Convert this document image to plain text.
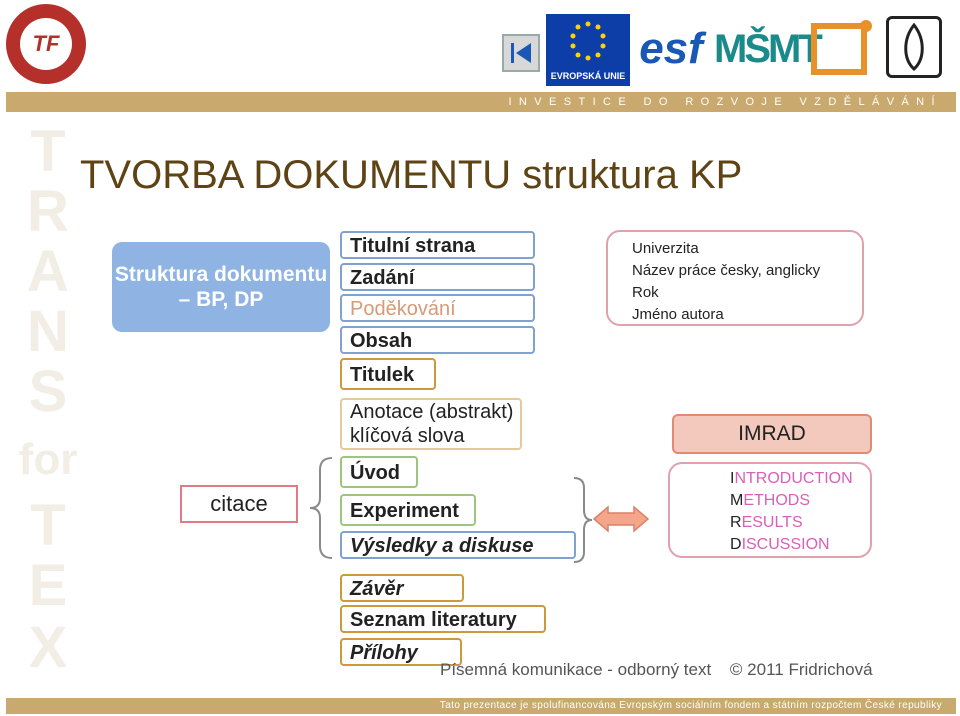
TF
EVROPSKÁ UNIE
esf MŠMT
INVESTICE DO ROZVOJE VZDĚLÁVÁNÍ
T
R
A
N
S
for
T
E
X
TVORBA DOKUMENTU struktura KP
Struktura dokumentu – BP, DP
citace
Titulní strana
Zadání
Poděkování
Obsah
Titulek
Anotace (abstrakt) klíčová slova
Úvod
Experiment
Výsledky a diskuse
Závěr
Seznam literatury
Přílohy
Univerzita
Název práce česky, anglicky
Rok
Jméno autora
IMRAD
INTRODUCTION
METHODS
RESULTS
DISCUSSION
Písemná komunikace - odborný text © 2011 Fridrichová
Tato prezentace je spolufinancována Evropským sociálním fondem a státním rozpočtem České republiky
